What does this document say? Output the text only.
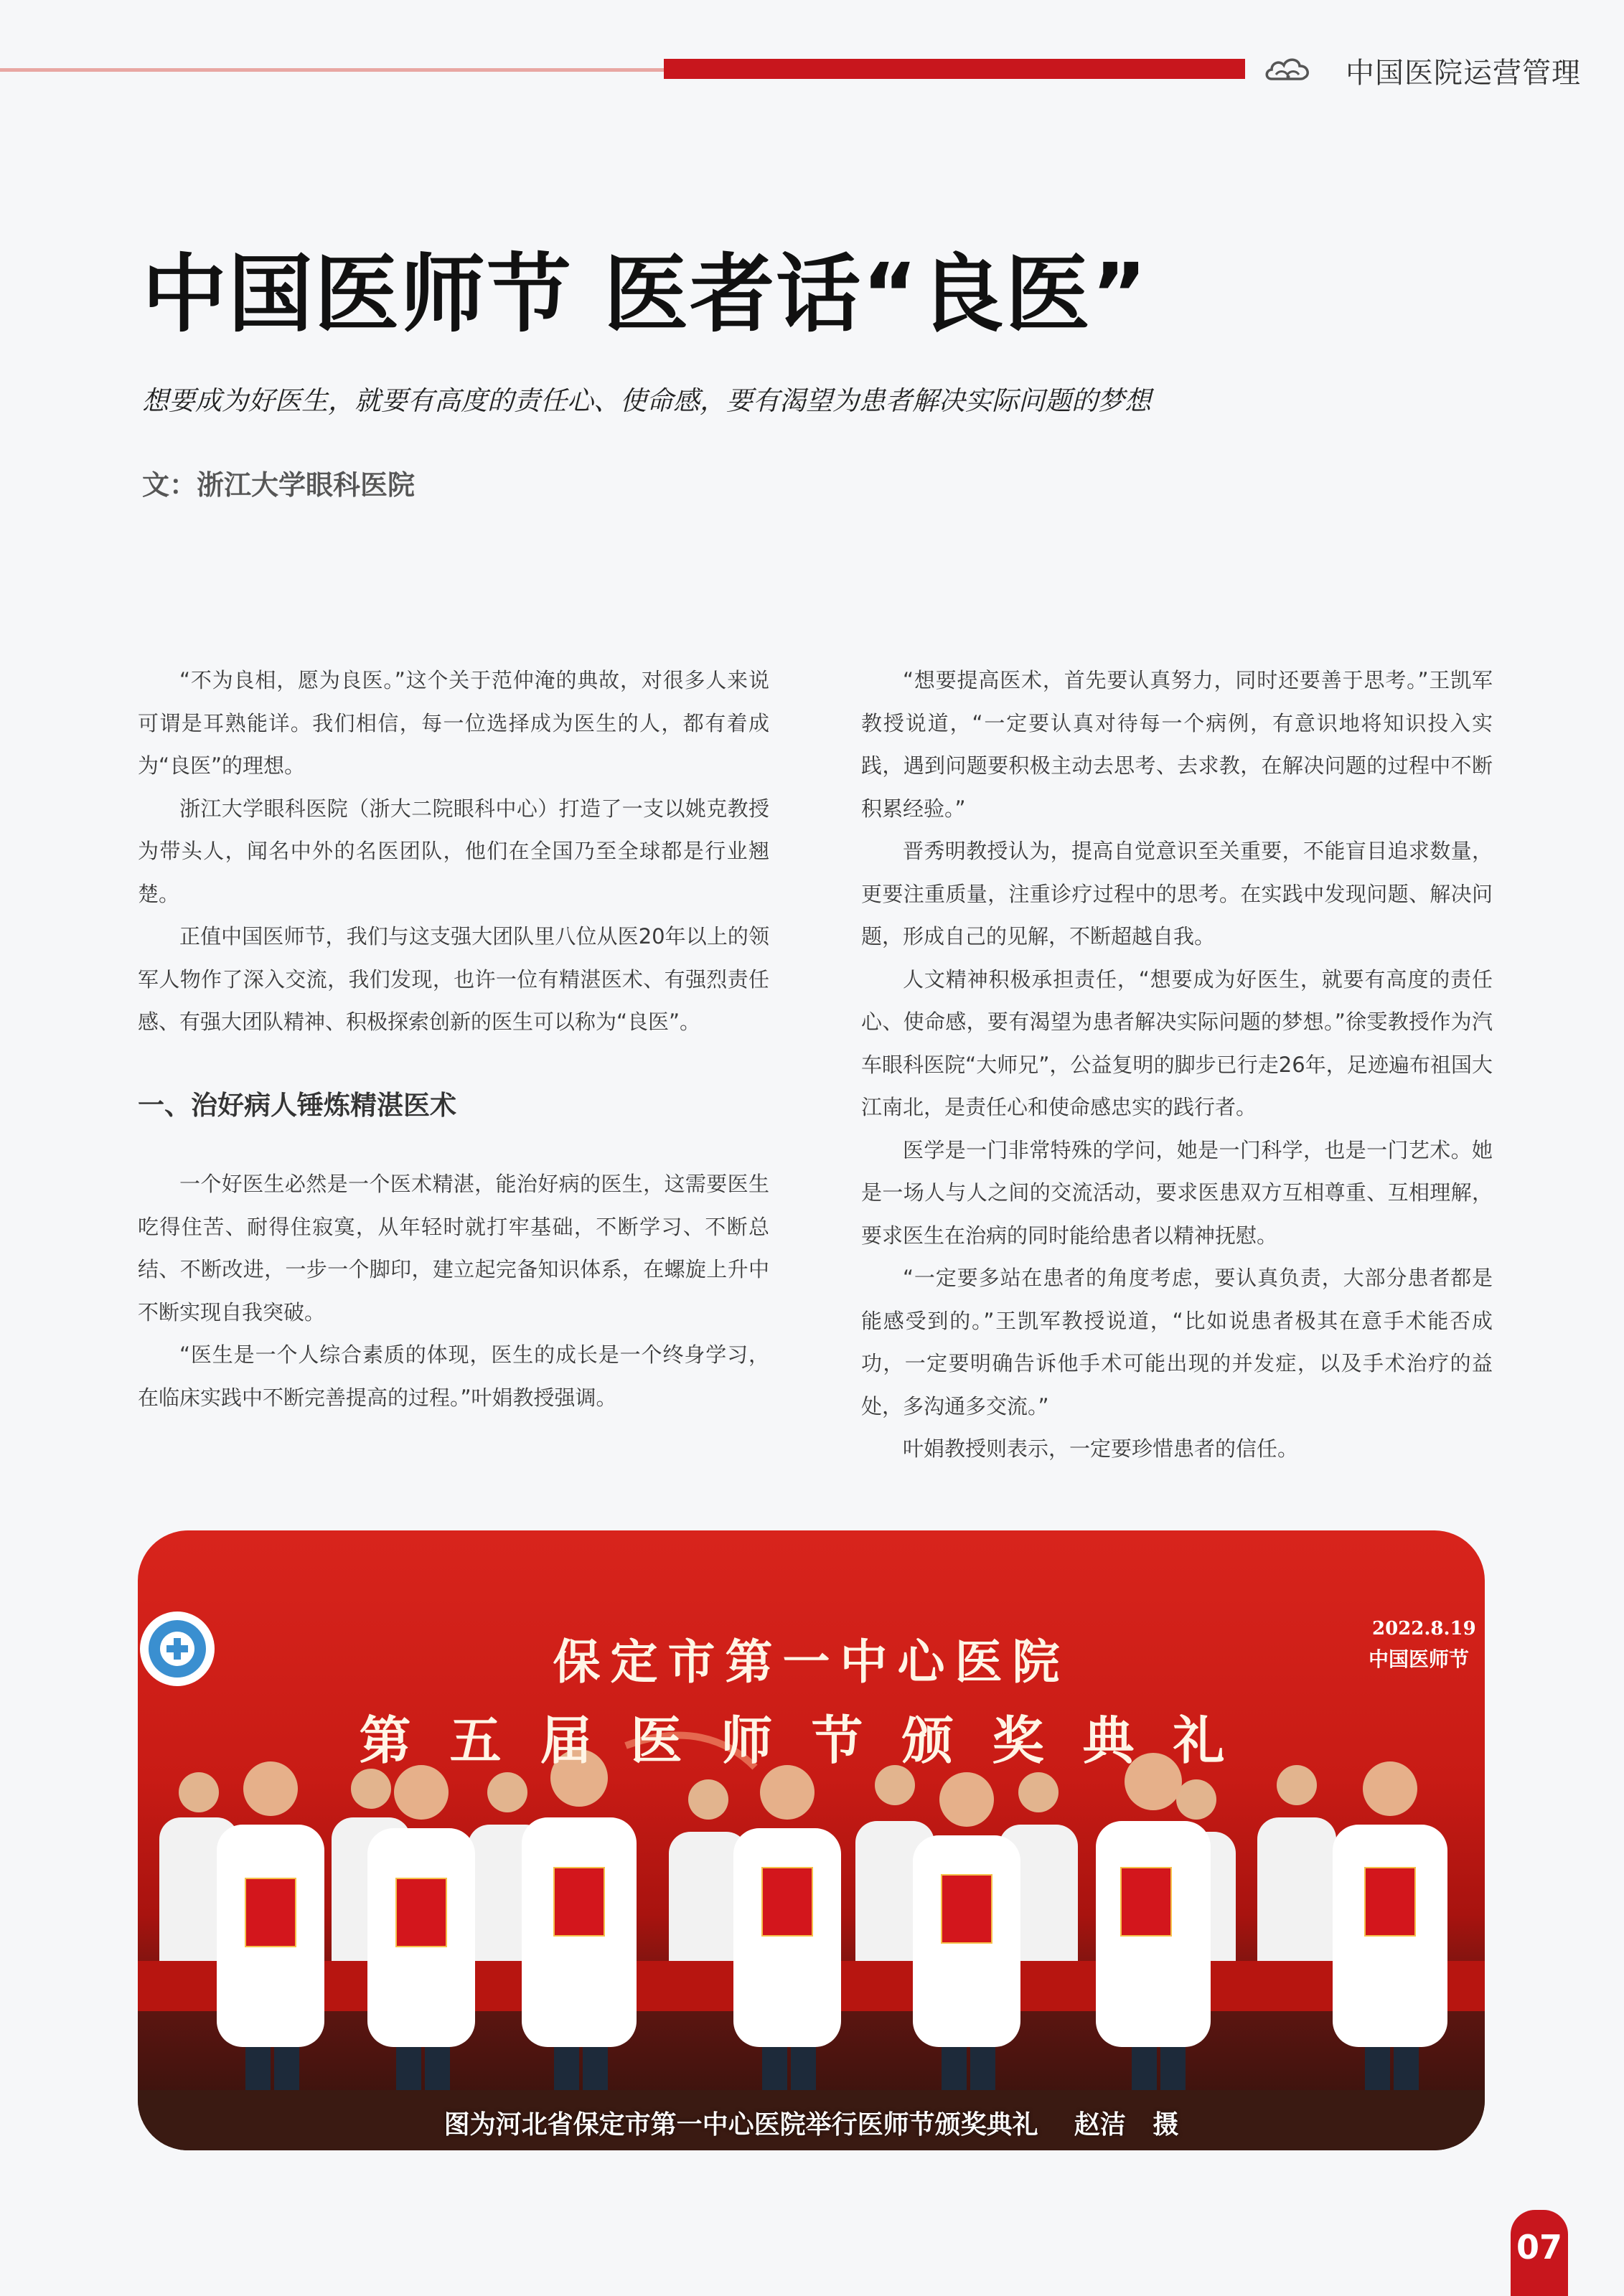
中国医院运营管理
中国医师节 医者话“良医”
想要成为好医生，就要有高度的责任心、使命感，要有渴望为患者解决实际问题的梦想
文：浙江大学眼科医院

“不为良相，愿为良医。”这个关于范仲淹的典故，对很多人来说可谓是耳熟能详。我们相信，每一位选择成为医生的人，都有着成为“良医”的理想。

浙江大学眼科医院（浙大二院眼科中心）打造了一支以姚克教授为带头人，闻名中外的名医团队，他们在全国乃至全球都是行业翘楚。

正值中国医师节，我们与这支强大团队里八位从医20年以上的领军人物作了深入交流，我们发现，也许一位有精湛医术、有强烈责任感、有强大团队精神、积极探索创新的医生可以称为“良医”。

一、治好病人锤炼精湛医术

一个好医生必然是一个医术精湛，能治好病的医生，这需要医生吃得住苦、耐得住寂寞，从年轻时就打牢基础，不断学习、不断总结、不断改进，一步一个脚印，建立起完备知识体系，在螺旋上升中不断实现自我突破。

“医生是一个人综合素质的体现，医生的成长是一个终身学习，在临床实践中不断完善提高的过程。”叶娟教授强调。

“想要提高医术，首先要认真努力，同时还要善于思考。”王凯军教授说道，“一定要认真对待每一个病例，有意识地将知识投入实践，遇到问题要积极主动去思考、去求教，在解决问题的过程中不断积累经验。”

晋秀明教授认为，提高自觉意识至关重要，不能盲目追求数量，更要注重质量，注重诊疗过程中的思考。在实践中发现问题、解决问题，形成自己的见解，不断超越自我。

人文精神积极承担责任，“想要成为好医生，就要有高度的责任心、使命感，要有渴望为患者解决实际问题的梦想。”徐雯教授作为汽车眼科医院“大师兄”，公益复明的脚步已行走26年，足迹遍布祖国大江南北，是责任心和使命感忠实的践行者。

医学是一门非常特殊的学问，她是一门科学，也是一门艺术。她是一场人与人之间的交流活动，要求医患双方互相尊重、互相理解，要求医生在治病的同时能给患者以精神抚慰。

“一定要多站在患者的角度考虑，要认真负责，大部分患者都是能感受到的。”王凯军教授说道，“比如说患者极其在意手术能否成功，一定要明确告诉他手术可能出现的并发症，以及手术治疗的益处，多沟通多交流。”

叶娟教授则表示，一定要珍惜患者的信任。

保定市第一中心医院
第五届医师节颁奖典礼
2022.8.19
中国医师节
图为河北省保定市第一中心医院举行医师节颁奖典礼    赵洁   摄
07
